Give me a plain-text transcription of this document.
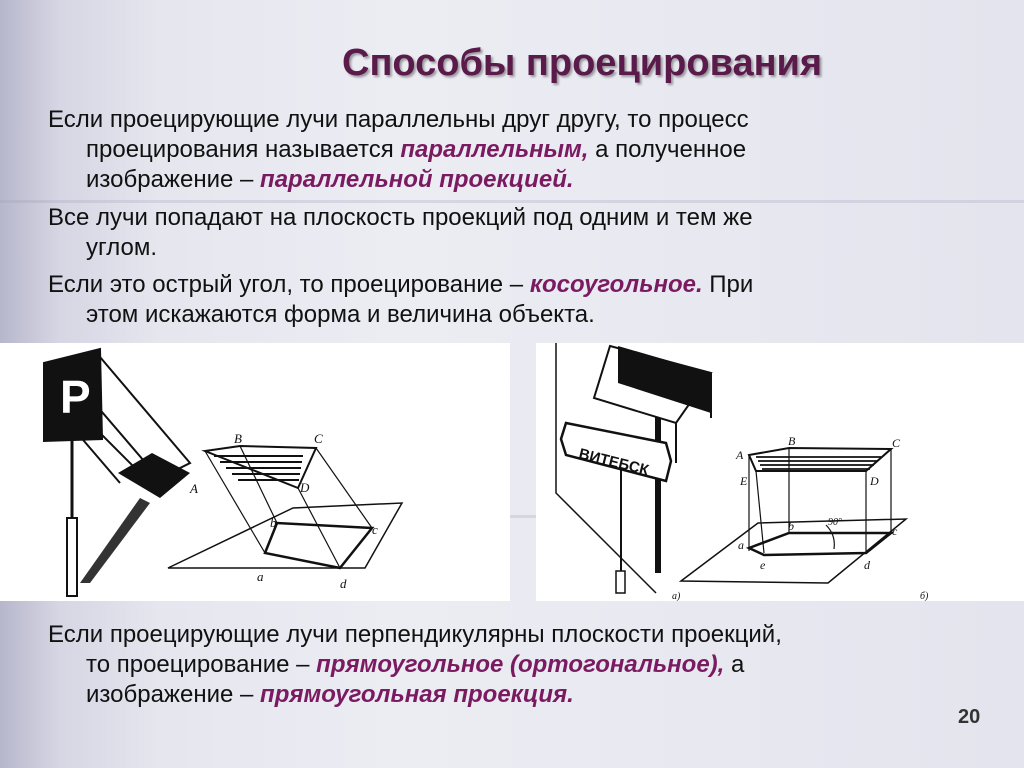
Способы проецирования

Если проецирующие лучи параллельны друг другу, то процесс
проецирования называется параллельным, а полученное
изображение – параллельной проекцией.

Все лучи попадают на плоскость проекций под одним и тем же
углом.

Если это острый угол, то проецирование – косоугольное. При
этом искажаются форма и величина объекта.

P
A
B	C
D
a
b	c
d
ВИТЕБСК	A
B	C
D
E
a
b	c
d
e
90°
а)	б)

Если проецирующие лучи перпендикулярны плоскости проекций,
то проецирование – прямоугольное (ортогональное), а
изображение – прямоугольная проекция.

20
